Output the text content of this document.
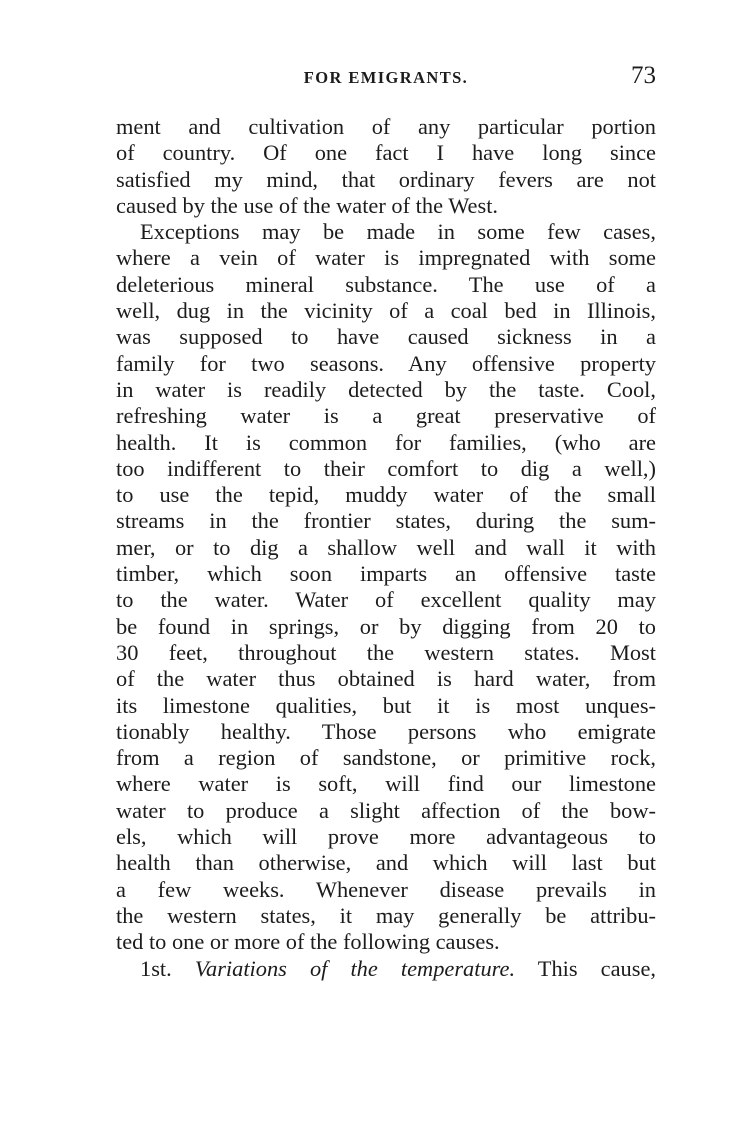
FOR EMIGRANTS.	73
ment and cultivation of any particular portion
of country. Of one fact I have long since
satisfied my mind, that ordinary fevers are not
caused by the use of the water of the West.
Exceptions may be made in some few cases,
where a vein of water is impregnated with some
deleterious mineral substance. The use of a
well, dug in the vicinity of a coal bed in Illinois,
was supposed to have caused sickness in a
family for two seasons. Any offensive property
in water is readily detected by the taste. Cool,
refreshing water is a great preservative of
health. It is common for families, (who are
too indifferent to their comfort to dig a well,)
to use the tepid, muddy water of the small
streams in the frontier states, during the sum-
mer, or to dig a shallow well and wall it with
timber, which soon imparts an offensive taste
to the water. Water of excellent quality may
be found in springs, or by digging from 20 to
30 feet, throughout the western states. Most
of the water thus obtained is hard water, from
its limestone qualities, but it is most unques-
tionably healthy. Those persons who emigrate
from a region of sandstone, or primitive rock,
where water is soft, will find our limestone
water to produce a slight affection of the bow-
els, which will prove more advantageous to
health than otherwise, and which will last but
a few weeks. Whenever disease prevails in
the western states, it may generally be attribu-
ted to one or more of the following causes.
1st. Variations of the temperature. This cause,
